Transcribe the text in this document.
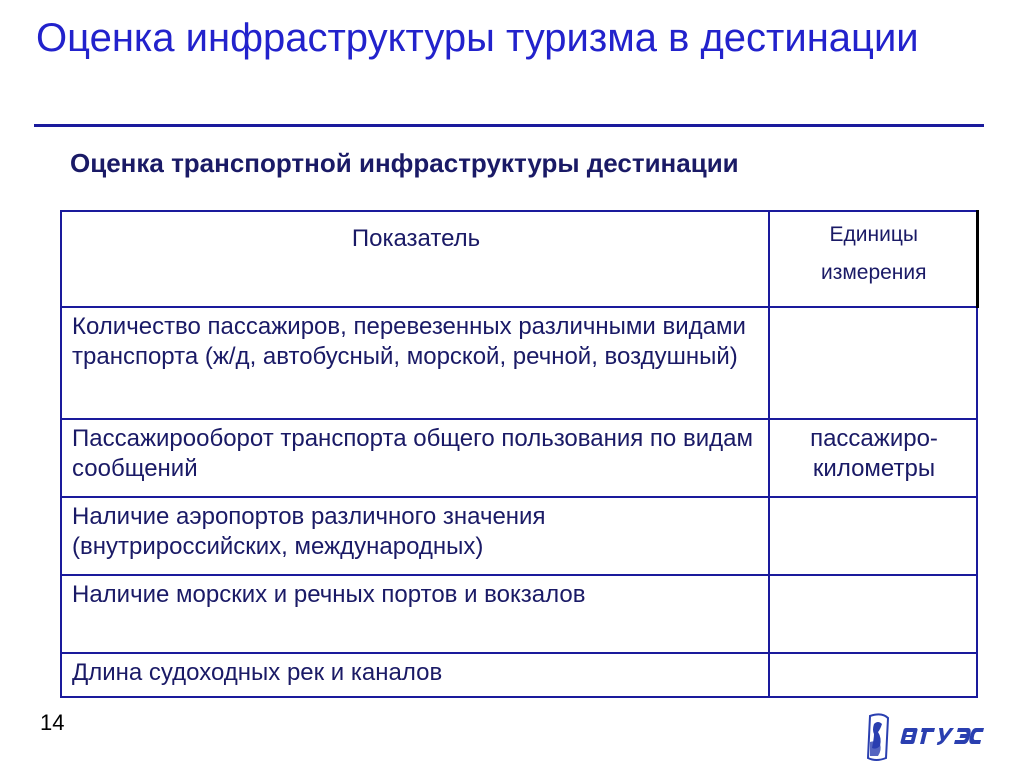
Оценка инфраструктуры туризма в дестинации
Оценка транспортной инфраструктуры дестинации
Показатель	Единицы измерения
Количество пассажиров, перевезенных различными видами транспорта (ж/д, автобусный, морской, речной, воздушный)	
Пассажирооборот транспорта общего пользования по видам сообщений	пассажиро-километры
Наличие аэропортов различного значения (внутрироссийских, международных)	
Наличие морских и речных портов и вокзалов	
Длина судоходных рек и каналов	
14
